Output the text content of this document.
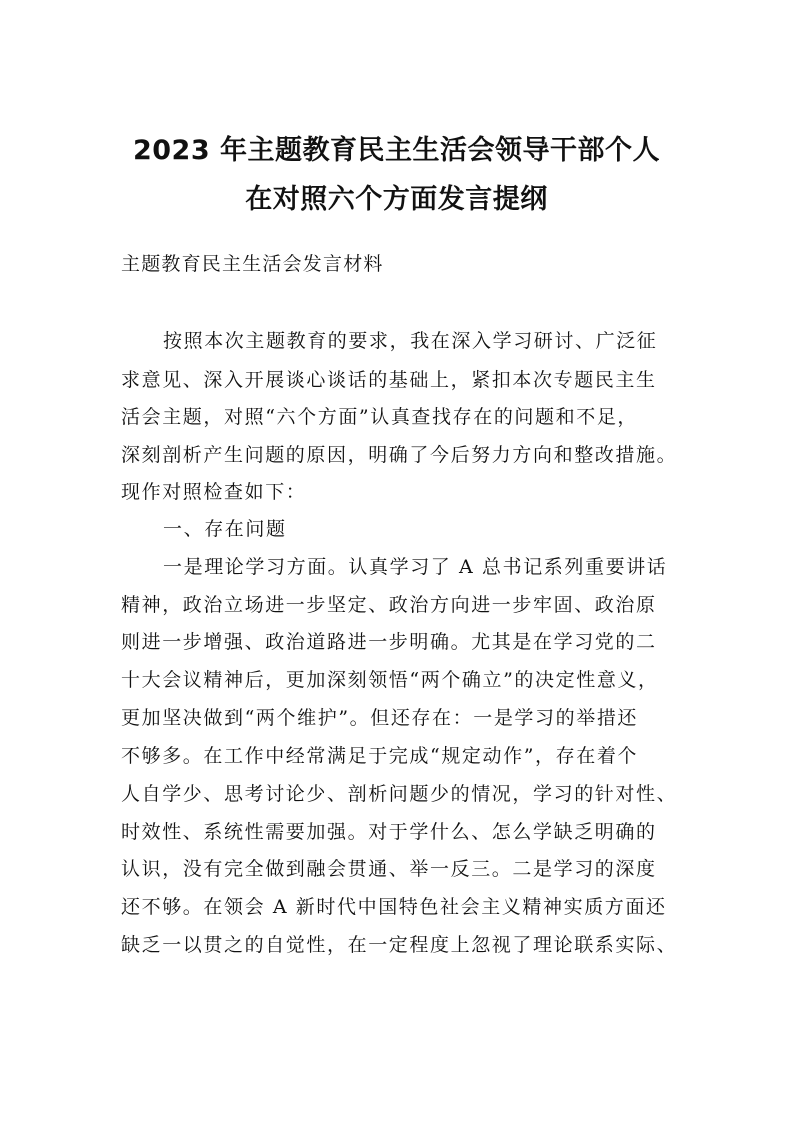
2023 年主题教育民主生活会领导干部个人
在对照六个方面发言提纲
主题教育民主生活会发言材料
按照本次主题教育的要求，我在深入学习研讨、广泛征
求意见、深入开展谈心谈话的基础上，紧扣本次专题民主生
活会主题，对照“六个方面”认真查找存在的问题和不足，
深刻剖析产生问题的原因，明确了今后努力方向和整改措施。
现作对照检查如下：
一、存在问题
一是理论学习方面。认真学习了 A 总书记系列重要讲话
精神，政治立场进一步坚定、政治方向进一步牢固、政治原
则进一步增强、政治道路进一步明确。尤其是在学习党的二
十大会议精神后，更加深刻领悟“两个确立”的决定性意义，
更加坚决做到“两个维护”。但还存在：一是学习的举措还
不够多。在工作中经常满足于完成“规定动作”，存在着个
人自学少、思考讨论少、剖析问题少的情况，学习的针对性、
时效性、系统性需要加强。对于学什么、怎么学缺乏明确的
认识，没有完全做到融会贯通、举一反三。二是学习的深度
还不够。在领会 A 新时代中国特色社会主义精神实质方面还
缺乏一以贯之的自觉性，在一定程度上忽视了理论联系实际、
